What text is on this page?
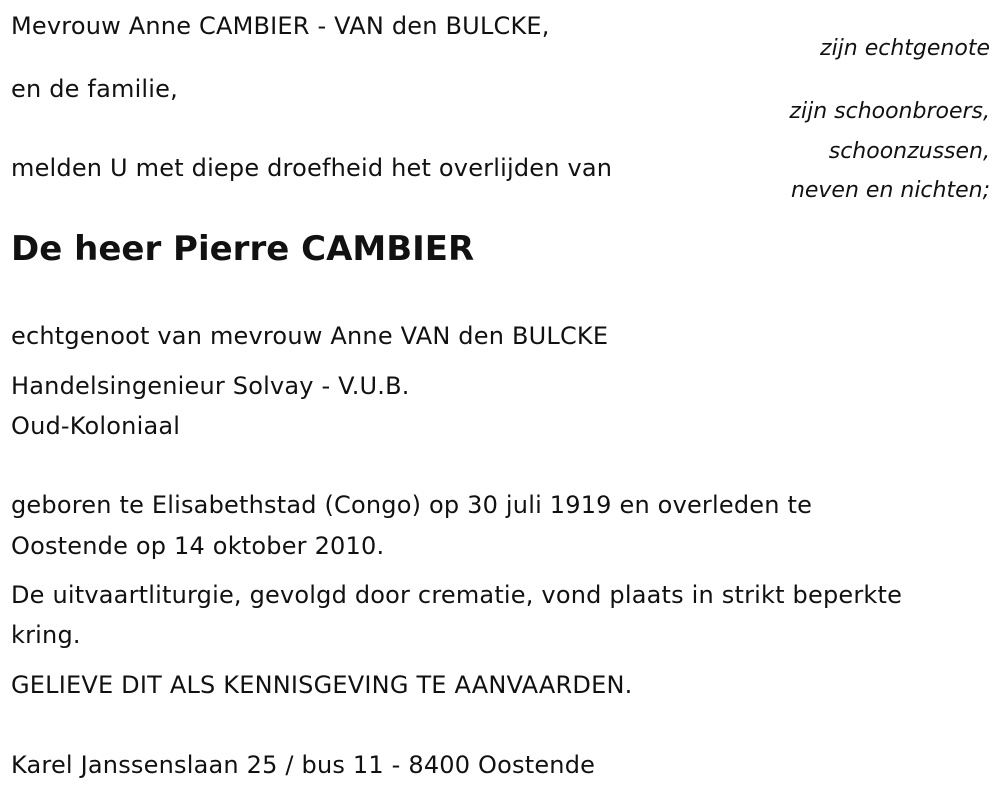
Mevrouw Anne CAMBIER - VAN den BULCKE,
zijn echtgenote
en de familie,
zijn schoonbroers,
schoonzussen,
neven en nichten;
melden U met diepe droefheid het overlijden van
De heer Pierre CAMBIER
echtgenoot van mevrouw Anne VAN den BULCKE
Handelsingenieur Solvay - V.U.B.
Oud-Koloniaal
geboren te Elisabethstad (Congo) op 30 juli 1919 en overleden te
Oostende op 14 oktober 2010.
De uitvaartliturgie, gevolgd door crematie, vond plaats in strikt beperkte
kring.
GELIEVE DIT ALS KENNISGEVING TE AANVAARDEN.
Karel Janssenslaan 25 / bus 11 - 8400 Oostende
